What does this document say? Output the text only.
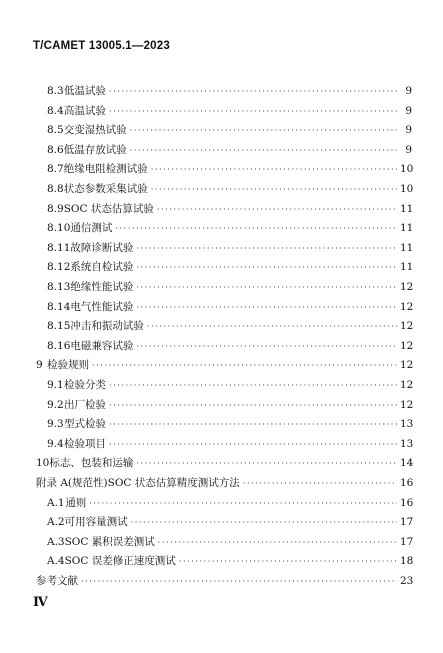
T/CAMET 13005.1—2023
8.3 低温试验 ·····	9
8.4 高温试验 ·····	9
8.5 交变湿热试验 ·····	9
8.6 低温存放试验 ·····	9
8.7 绝缘电阻检测试验 ·····	10
8.8 状态参数采集试验 ·····	10
8.9 SOC 状态估算试验 ·····	11
8.10 通信测试 ·····	11
8.11 故障诊断试验 ·····	11
8.12 系统自检试验 ·····	11
8.13 绝缘性能试验 ·····	12
8.14 电气性能试验 ·····	12
8.15 冲击和振动试验 ·····	12
8.16 电磁兼容试验 ·····	12
9 检验规则 ·····	12
9.1 检验分类 ·····	12
9.2 出厂检验 ·····	12
9.3 型式检验 ·····	13
9.4 检验项目 ·····	13
10 标志、包装和运输 ·····	14
附录 A(规范性) SOC 状态估算精度测试方法 ·····	16
A.1 通则 ·····	16
A.2 可用容量测试 ·····	17
A.3 SOC 累积误差测试 ·····	17
A.4 SOC 误差修正速度测试 ·····	18
参考文献 ·····	23
Ⅳ
